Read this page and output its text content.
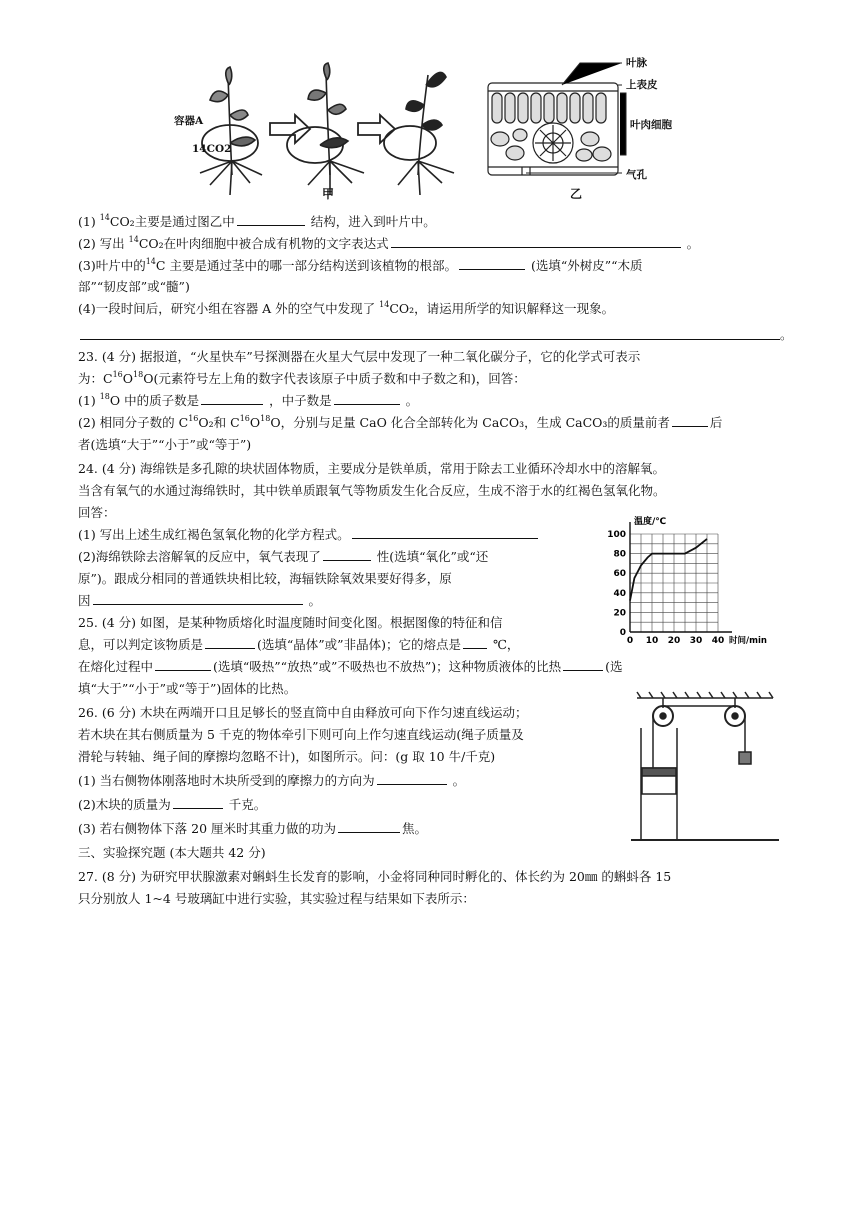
容器A
14CO2
甲	乙
叶脉
上表皮
叶肉细胞
气孔
(1) $^{14}$CO₂主要是通过图乙中	结构，进入到叶片中。
(2) 写出 $^{14}$CO₂在叶肉细胞中被合成有机物的文字表达式	。
(3)叶片中的$^{14}$C 主要是通过茎中的哪一部分结构送到该植物的根部。	(选填“外树皮”“木质
部”“韧皮部”或“髓”)
(4)一段时间后，研究小组在容器 A 外的空气中发现了 $^{14}$CO₂，请运用所学的知识解释这一现象。
。
23. (4 分) 据报道，“火星快车”号探测器在火星大气层中发现了一种二氧化碳分子，它的化学式可表示
为：$C^{16}O^{18}O$(元素符号左上角的数字代表该原子中质子数和中子数之和)，回答：
(1) $^{18}$O 中的质子数是	，中子数是	。
(2) 相同分子数的 $C^{16}O_2$和 $C^{16}O^{18}O$，分别与足量 CaO 化合全部转化为 CaCO₃，生成 CaCO₃的质量前者	后
者(选填“大于”“小于”或“等于”)
24. (4 分) 海绵铁是多孔隙的块状固体物质，主要成分是铁单质，常用于除去工业循环冷却水中的溶解氧。
当含有氧气的水通过海绵铁时，其中铁单质跟氧气等物质发生化合反应，生成不溶于水的红褐色氢氧化物。
回答：
(1) 写出上述生成红褐色氢氧化物的化学方程式。
(2)海绵铁除去溶解氧的反应中，氧气表现了	性(选填“氧化”或“还
原”)。跟成分相同的普通铁块相比较，海辐铁除氧效果要好得多，原
因	。
0 10 20 30 40
0
20
40
60
80
100
温度/℃
时间/min
25. (4 分) 如图，是某种物质熔化时温度随时间变化图。根据图像的特征和信
息，可以判定该物质是	(选填“晶体”或”非晶体)；它的熔点是	℃，
在熔化过程中	(选填“吸热”“放热”或”不吸热也不放热”)；这种物质液体的比热	(选
填“大于”“小于”或“等于”)固体的比热。
26. (6 分) 木块在两端开口且足够长的竖直筒中自由释放可向下作匀速直线运动；
若木块在其右侧质量为 5 千克的物体牵引下则可向上作匀速直线运动(绳子质量及
滑轮与转轴、绳子间的摩擦均忽略不计)，如图所示。问：(g 取 10 牛/千克)
(1) 当右侧物体刚落地时木块所受到的摩擦力的方向为	。
(2)木块的质量为	千克。
(3) 若右侧物体下落 20 厘米时其重力做的功为	焦。
三、实验探究题 (本大题共 42 分)
27. (8 分) 为研究甲状腺激素对蝌蚪生长发育的影响，小金将同种同时孵化的、体长约为 20㎜ 的蝌蚪各 15
只分别放人 1~4 号玻璃缸中进行实验，其实验过程与结果如下表所示：
